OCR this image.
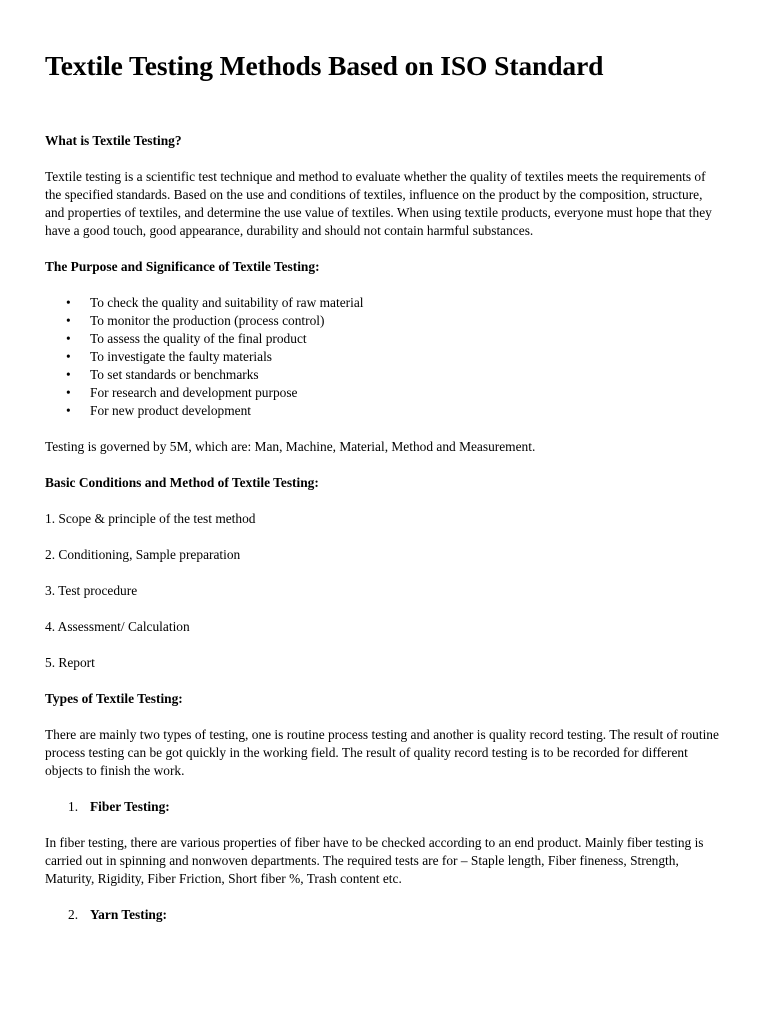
Textile Testing Methods Based on ISO Standard

What is Textile Testing?

Textile testing is a scientific test technique and method to evaluate whether the quality of textiles meets the requirements of the specified standards. Based on the use and conditions of textiles, influence on the product by the composition, structure, and properties of textiles, and determine the use value of textiles. When using textile products, everyone must hope that they have a good touch, good appearance, durability and should not contain harmful substances.

The Purpose and Significance of Textile Testing:

• To check the quality and suitability of raw material
• To monitor the production (process control)
• To assess the quality of the final product
• To investigate the faulty materials
• To set standards or benchmarks
• For research and development purpose
• For new product development

Testing is governed by 5M, which are: Man, Machine, Material, Method and Measurement.

Basic Conditions and Method of Textile Testing:

1. Scope & principle of the test method

2. Conditioning, Sample preparation

3. Test procedure

4. Assessment/ Calculation

5. Report

Types of Textile Testing:

There are mainly two types of testing, one is routine process testing and another is quality record testing. The result of routine process testing can be got quickly in the working field. The result of quality record testing is to be recorded for different objects to finish the work.

1. Fiber Testing:

In fiber testing, there are various properties of fiber have to be checked according to an end product. Mainly fiber testing is carried out in spinning and nonwoven departments. The required tests are for – Staple length, Fiber fineness, Strength, Maturity, Rigidity, Fiber Friction, Short fiber %, Trash content etc.

2. Yarn Testing:
